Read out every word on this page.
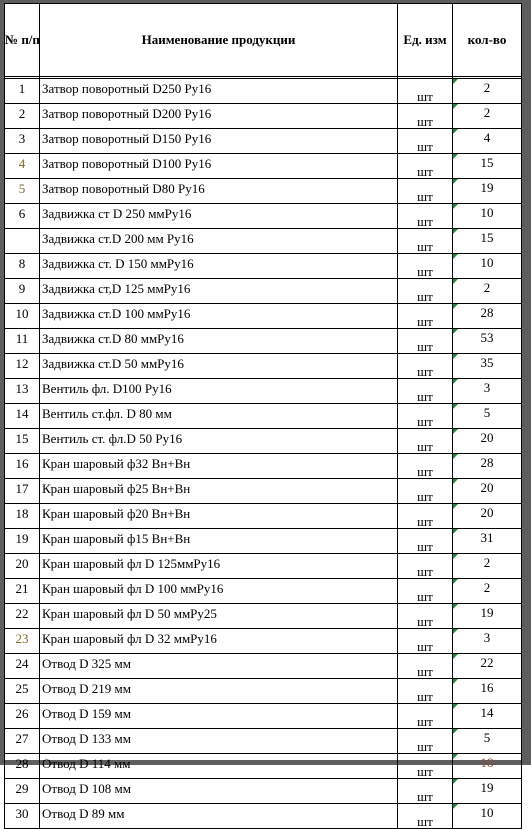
№ п/п	Наименование продукции	Ед. изм	кол-во

1	Затвор поворотный D250 Ру16	шт	2
2	Затвор поворотный D200 Ру16	шт	2
3	Затвор поворотный D150 Ру16	шт	4
4	Затвор поворотный D100 Ру16	шт	15
5	Затвор поворотный D80 Ру16	шт	19
6	Задвижка ст D 250 ммРу16	шт	10
	Задвижка ст.D 200 мм Ру16	шт	15
8	Задвижка ст. D 150 ммРу16	шт	10
9	Задвижка ст,D 125 ммРу16	шт	2
10	Задвижка ст.D 100 ммРу16	шт	28
11	Задвижка ст.D 80 ммРу16	шт	53
12	Задвижка ст.D 50 ммРу16	шт	35
13	Вентиль фл. D100 Ру16	шт	3
14	Вентиль ст.фл. D 80 мм	шт	5
15	Вентиль ст. фл.D 50 Ру16	шт	20
16	Кран шаровый ф32 Вн+Вн	шт	28
17	Кран шаровый ф25 Вн+Вн	шт	20
18	Кран шаровый ф20 Вн+Вн	шт	20
19	Кран шаровый ф15 Вн+Вн	шт	31
20	Кран шаровый фл D 125ммРу16	шт	2
21	Кран шаровый фл D 100 ммРу16	шт	2
22	Кран шаровый фл D 50 ммРу25	шт	19
23	Кран шаровый фл D 32 ммРу16	шт	3
24	Отвод D 325 мм	шт	22
25	Отвод D 219 мм	шт	16
26	Отвод D 159 мм	шт	14
27	Отвод D 133 мм	шт	5
28	Отвод D 114 мм	шт	18
29	Отвод D 108 мм	шт	19
30	Отвод D 89 мм	шт	10
